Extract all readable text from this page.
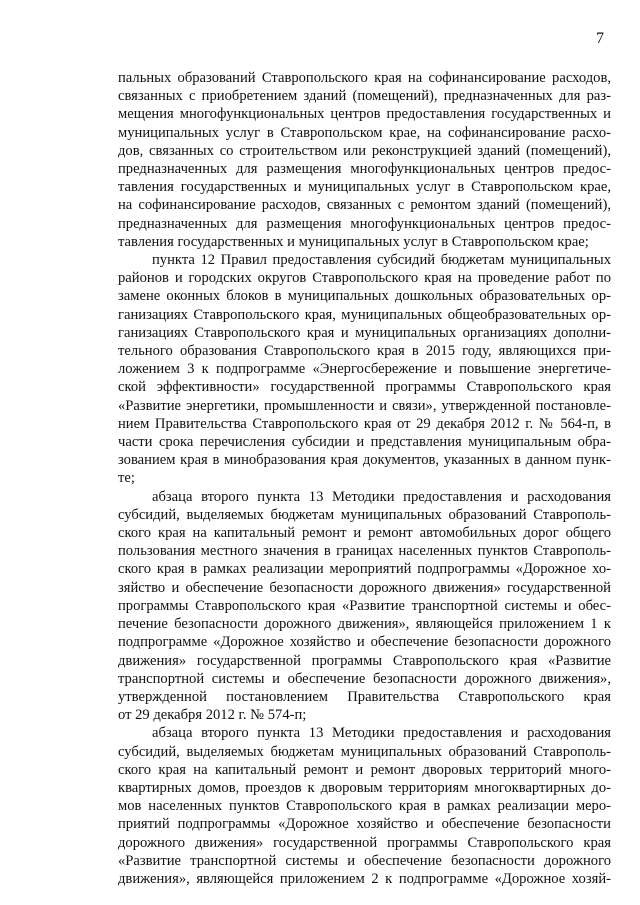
7
пальных образований Ставропольского края на софинансирование расходов,
связанных с приобретением зданий (помещений), предназначенных для раз-
мещения многофункциональных центров предоставления государственных и
муниципальных услуг в Ставропольском крае, на софинансирование расхо-
дов, связанных со строительством или реконструкцией зданий (помещений),
предназначенных для размещения многофункциональных центров предос-
тавления государственных и муниципальных услуг в Ставропольском крае,
на софинансирование расходов, связанных с ремонтом зданий (помещений),
предназначенных для размещения многофункциональных центров предос-
тавления государственных и муниципальных услуг в Ставропольском крае;
пункта 12 Правил предоставления субсидий бюджетам муниципальных
районов и городских округов Ставропольского края на проведение работ по
замене оконных блоков в муниципальных дошкольных образовательных ор-
ганизациях Ставропольского края, муниципальных общеобразовательных ор-
ганизациях Ставропольского края и муниципальных организациях дополни-
тельного образования Ставропольского края в 2015 году, являющихся при-
ложением 3 к подпрограмме «Энергосбережение и повышение энергетиче-
ской эффективности» государственной программы Ставропольского края
«Развитие энергетики, промышленности и связи», утвержденной постановле-
нием Правительства Ставропольского края от 29 декабря 2012 г. № 564-п, в
части срока перечисления субсидии и представления муниципальным обра-
зованием края в минобразования края документов, указанных в данном пунк-
те;
абзаца второго пункта 13 Методики предоставления и расходования
субсидий, выделяемых бюджетам муниципальных образований Ставрополь-
ского края на капитальный ремонт и ремонт автомобильных дорог общего
пользования местного значения в границах населенных пунктов Ставрополь-
ского края в рамках реализации мероприятий подпрограммы «Дорожное хо-
зяйство и обеспечение безопасности дорожного движения» государственной
программы Ставропольского края «Развитие транспортной системы и обес-
печение безопасности дорожного движения», являющейся приложением 1 к
подпрограмме «Дорожное хозяйство и обеспечение безопасности дорожного
движения» государственной программы Ставропольского края «Развитие
транспортной системы и обеспечение безопасности дорожного движения»,
утвержденной постановлением Правительства Ставропольского края
от 29 декабря 2012 г. № 574-п;
абзаца второго пункта 13 Методики предоставления и расходования
субсидий, выделяемых бюджетам муниципальных образований Ставрополь-
ского края на капитальный ремонт и ремонт дворовых территорий много-
квартирных домов, проездов к дворовым территориям многоквартирных до-
мов населенных пунктов Ставропольского края в рамках реализации меро-
приятий подпрограммы «Дорожное хозяйство и обеспечение безопасности
дорожного движения» государственной программы Ставропольского края
«Развитие транспортной системы и обеспечение безопасности дорожного
движения», являющейся приложением 2 к подпрограмме «Дорожное хозяй-
